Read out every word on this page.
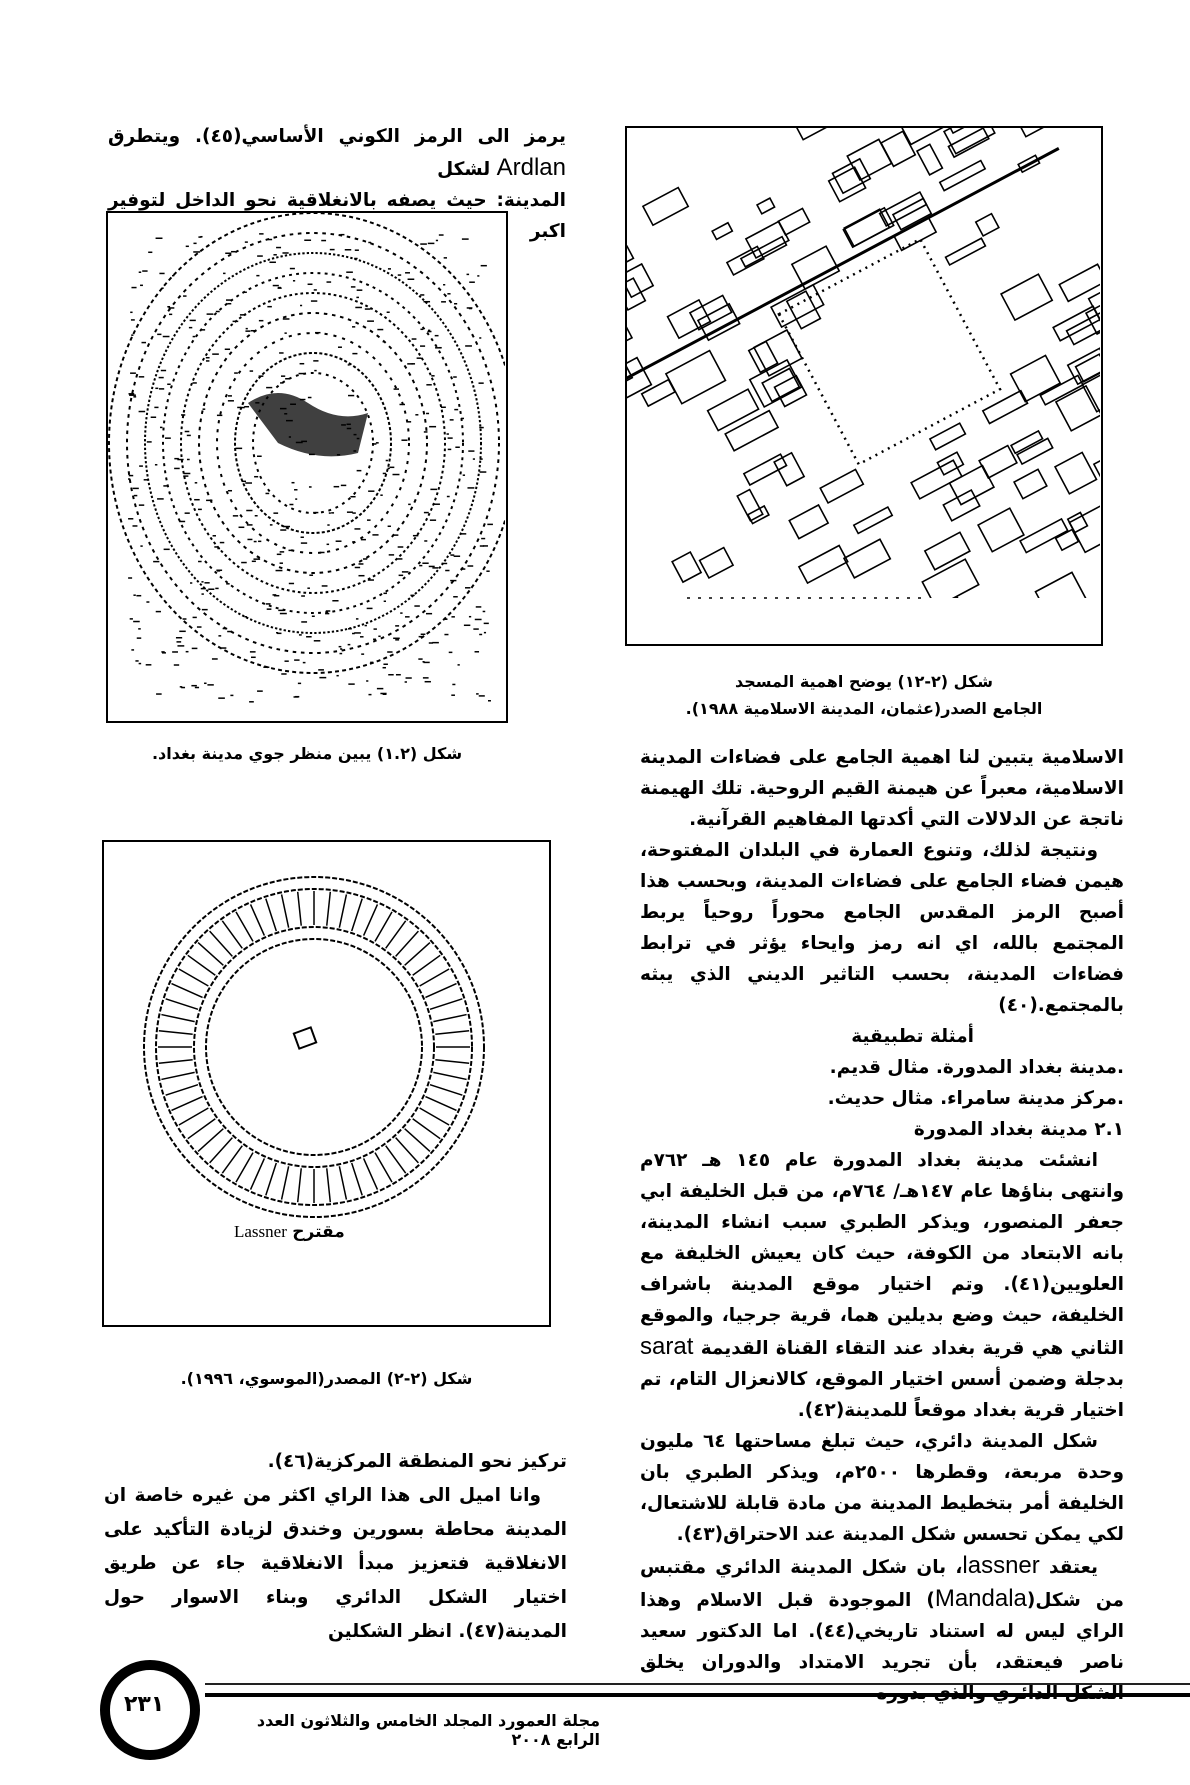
يرمز الى الرمز الكوني الأساسي(٤٥). ويتطرق Ardlan لشكل

المدينة: حيث يصفه بالانغلاقية نحو الداخل لتوفير اكبر

شكل (٢-١٢) يوضح اهمية المسجد
الجامع الصدر(عثمان، المدينة الاسلامية ١٩٨٨).
شكل (١.٢) يبين منظر جوي مدينة بغداد.
Lassner مقترح
شكل (٢-٢) المصدر(الموسوي، ١٩٩٦).

الاسلامية يتبين لنا اهمية الجامع على فضاءات المدينة الاسلامية، معبراً عن هيمنة القيم الروحية. تلك الهيمنة ناتجة عن الدلالات التي أكدتها المفاهيم القرآنية.

ونتيجة لذلك، وتنوع العمارة في البلدان المفتوحة، هيمن فضاء الجامع على فضاءات المدينة، وبحسب هذا أصبح الرمز المقدس الجامع محوراً روحياً يربط المجتمع بالله، اي انه رمز وايحاء يؤثر في ترابط فضاءات المدينة، بحسب التاثير الديني الذي يبثه بالمجتمع.(٤٠)

أمثلة تطبيقية

.مدينة بغداد المدورة. مثال قديم.

.مركز مدينة سامراء. مثال حديث.

٢.١ مدينة بغداد المدورة

انشئت مدينة بغداد المدورة عام ١٤٥ هـ ٧٦٢م وانتهى بناؤها عام ١٤٧هـ/ ٧٦٤م، من قبل الخليفة ابي جعفر المنصور، ويذكر الطبري سبب انشاء المدينة، بانه الابتعاد من الكوفة، حيث كان يعيش الخليفة مع العلويين(٤١). وتم اختيار موقع المدينة باشراف الخليفة، حيث وضع بديلين هما، قرية جرجيا، والموقع الثاني هي قرية بغداد عند التقاء القناة القديمة sarat بدجلة وضمن أسس اختيار الموقع، كالانعزال التام، تم اختيار قرية بغداد موقعاً للمدينة(٤٢).

شكل المدينة دائري، حيث تبلغ مساحتها ٦٤ مليون وحدة مربعة، وقطرها ٢٥٠٠م، ويذكر الطبري بان الخليفة أمر بتخطيط المدينة من مادة قابلة للاشتعال، لكي يمكن تحسس شكل المدينة عند الاحتراق(٤٣).

يعتقد lassner، بان شكل المدينة الدائري مقتبس من شكل(Mandala) الموجودة قبل الاسلام وهذا الراي ليس له استناد تاريخي(٤٤). اما الدكتور سعيد ناصر فيعتقد، بأن تجريد الامتداد والدوران يخلق

تركيز نحو المنطقة المركزية(٤٦).

وانا اميل الى هذا الراي اكثر من غيره خاصة ان المدينة محاطة بسورين وخندق لزيادة التأكيد على الانغلاقية فتعزيز مبدأ الانغلاقية جاء عن طريق اختيار الشكل الدائري وبناء الاسوار حول المدينة(٤٧). انظر الشكلين

٢٣١
مجلة العمورد المجلد الخامس والثلاثون العدد الرابع ٢٠٠٨
